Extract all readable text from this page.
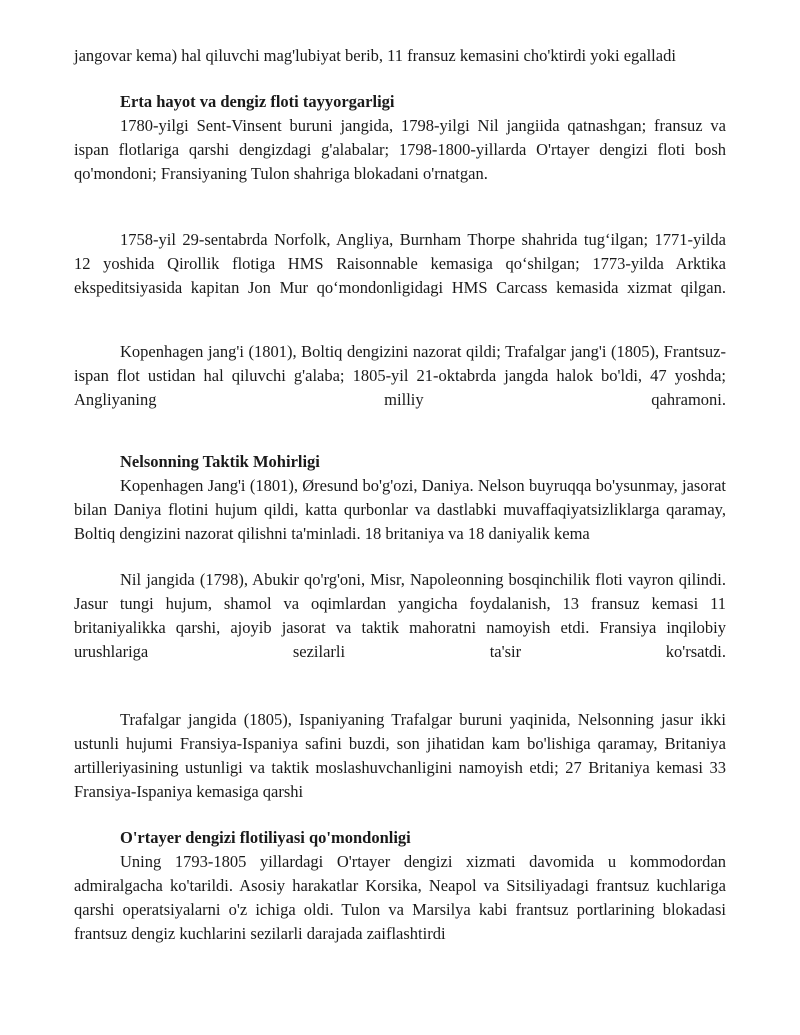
jangovar kema) hal qiluvchi mag'lubiyat berib, 11 fransuz kemasini cho'ktirdi yoki egalladi

Erta hayot va dengiz floti tayyorgarligi

1780-yilgi Sent-Vinsent buruni jangida, 1798-yilgi Nil jangiida qatnashgan; fransuz va ispan flotlariga qarshi dengizdagi g'alabalar; 1798-1800-yillarda O'rtayer dengizi floti bosh qo'mondoni; Fransiyaning Tulon shahriga blokadani o'rnatgan.

1758-yil 29-sentabrda Norfolk, Angliya, Burnham Thorpe shahrida tug‘ilgan; 1771-yilda 12 yoshida Qirollik flotiga HMS Raisonnable kemasiga qo‘shilgan; 1773-yilda Arktika ekspeditsiyasida kapitan Jon Mur qo‘mondonligidagi HMS Carcass kemasida xizmat qilgan.

Kopenhagen jang'i (1801), Boltiq dengizini nazorat qildi; Trafalgar jang'i (1805), Frantsuz-ispan flot ustidan hal qiluvchi g'alaba; 1805-yil 21-oktabrda jangda halok bo'ldi, 47 yoshda; Angliyaning milliy qahramoni.

Nelsonning Taktik Mohirligi

Kopenhagen Jang'i (1801), Øresund bo'g'ozi, Daniya. Nelson buyruqqa bo'ysunmay, jasorat bilan Daniya flotini hujum qildi, katta qurbonlar va dastlabki muvaffaqiyatsizliklarga qaramay, Boltiq dengizini nazorat qilishni ta'minladi. 18 britaniya va 18 daniyalik kema

Nil jangida (1798), Abukir qo'rg'oni, Misr, Napoleonning bosqinchilik floti vayron qilindi. Jasur tungi hujum, shamol va oqimlardan yangicha foydalanish, 13 fransuz kemasi 11 britaniyalikka qarshi, ajoyib jasorat va taktik mahoratni namoyish etdi. Fransiya inqilobiy urushlariga sezilarli ta'sir ko'rsatdi.

Trafalgar jangida (1805), Ispaniyaning Trafalgar buruni yaqinida, Nelsonning jasur ikki ustunli hujumi Fransiya-Ispaniya safini buzdi, son jihatidan kam bo'lishiga qaramay, Britaniya artilleriyasining ustunligi va taktik moslashuvchanligini namoyish etdi; 27 Britaniya kemasi 33 Fransiya-Ispaniya kemasiga qarshi

O'rtayer dengizi flotiliyasi qo'mondonligi

Uning 1793-1805 yillardagi O'rtayer dengizi xizmati davomida u kommodordan admiralgacha ko'tarildi. Asosiy harakatlar Korsika, Neapol va Sitsiliyadagi frantsuz kuchlariga qarshi operatsiyalarni o'z ichiga oldi. Tulon va Marsilya kabi frantsuz portlarining blokadasi frantsuz dengiz kuchlarini sezilarli darajada zaiflashtirdi
